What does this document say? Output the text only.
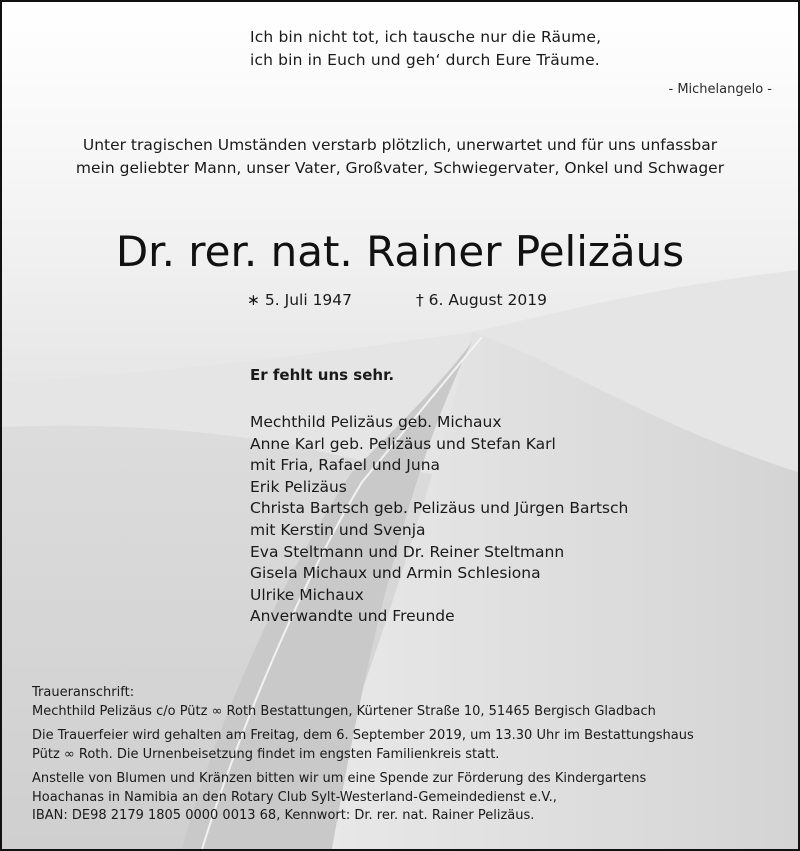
Ich bin nicht tot, ich tausche nur die Räume,
ich bin in Euch und geh‘ durch Eure Träume.
- Michelangelo -
Unter tragischen Umständen verstarb plötzlich, unerwartet und für uns unfassbar
mein geliebter Mann, unser Vater, Großvater, Schwiegervater, Onkel und Schwager
Dr. rer. nat. Rainer Pelizäus
∗ 5. Juli 1947	† 6. August 2019
Er fehlt uns sehr.
Mechthild Pelizäus geb. Michaux
Anne Karl geb. Pelizäus und Stefan Karl
mit Fria, Rafael und Juna
Erik Pelizäus
Christa Bartsch geb. Pelizäus und Jürgen Bartsch
mit Kerstin und Svenja
Eva Steltmann und Dr. Reiner Steltmann
Gisela Michaux und Armin Schlesiona
Ulrike Michaux
Anverwandte und Freunde
Traueranschrift:
Mechthild Pelizäus c/o Pütz ∞ Roth Bestattungen, Kürtener Straße 10, 51465 Bergisch Gladbach
Die Trauerfeier wird gehalten am Freitag, dem 6. September 2019, um 13.30 Uhr im Bestattungshaus
Pütz ∞ Roth. Die Urnenbeisetzung findet im engsten Familienkreis statt.
Anstelle von Blumen und Kränzen bitten wir um eine Spende zur Förderung des Kindergartens
Hoachanas in Namibia an den Rotary Club Sylt-Westerland-Gemeindedienst e.V.,
IBAN: DE98 2179 1805 0000 0013 68, Kennwort: Dr. rer. nat. Rainer Pelizäus.
